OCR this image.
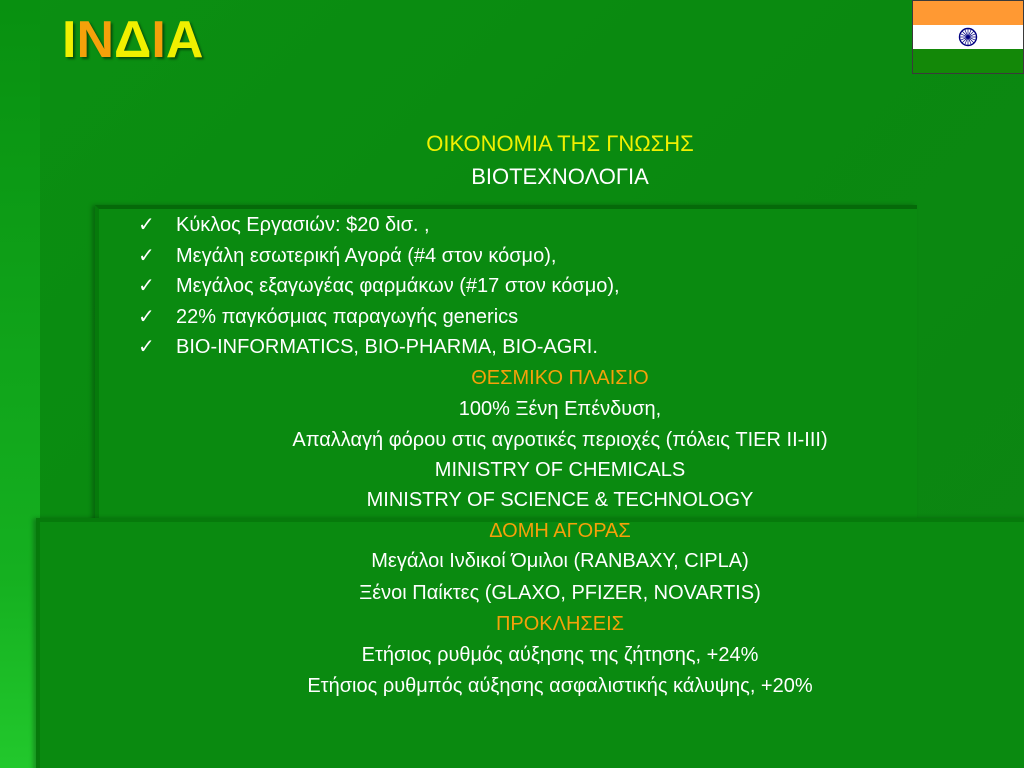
INΔIA
ΟΙΚΟΝΟΜΙΑ ΤΗΣ ΓΝΩΣΗΣ
ΒΙΟΤΕΧΝΟΛΟΓΙΑ
✓ Κύκλος Εργασιών: $20 δισ. ,
✓ Μεγάλη εσωτερική Αγορά (#4 στον κόσμο),
✓ Μεγάλος εξαγωγέας φαρμάκων (#17 στον κόσμο),
✓ 22% παγκόσμιας παραγωγής generics
✓ BIO-INFORMATICS, BIO-PHARMA, BIO-AGRI.
ΘΕΣΜΙΚΟ ΠΛΑΙΣΙΟ
100% Ξένη Επένδυση,
Απαλλαγή φόρου στις αγροτικές περιοχές (πόλεις TIER II-III)
MINISTRY OF CHEMICALS
MINISTRY OF SCIENCE & TECHNOLOGY
ΔΟΜΗ ΑΓΟΡΑΣ
Μεγάλοι Ινδικοί Όμιλοι (RANBAXY, CIPLA)
Ξένοι Παίκτες (GLAXO, PFIZER, NOVARTIS)
ΠΡΟΚΛΗΣΕΙΣ
Ετήσιος ρυθμός αύξησης της ζήτησης, +24%
Ετήσιος ρυθμπός αύξησης ασφαλιστικής κάλυψης, +20%
